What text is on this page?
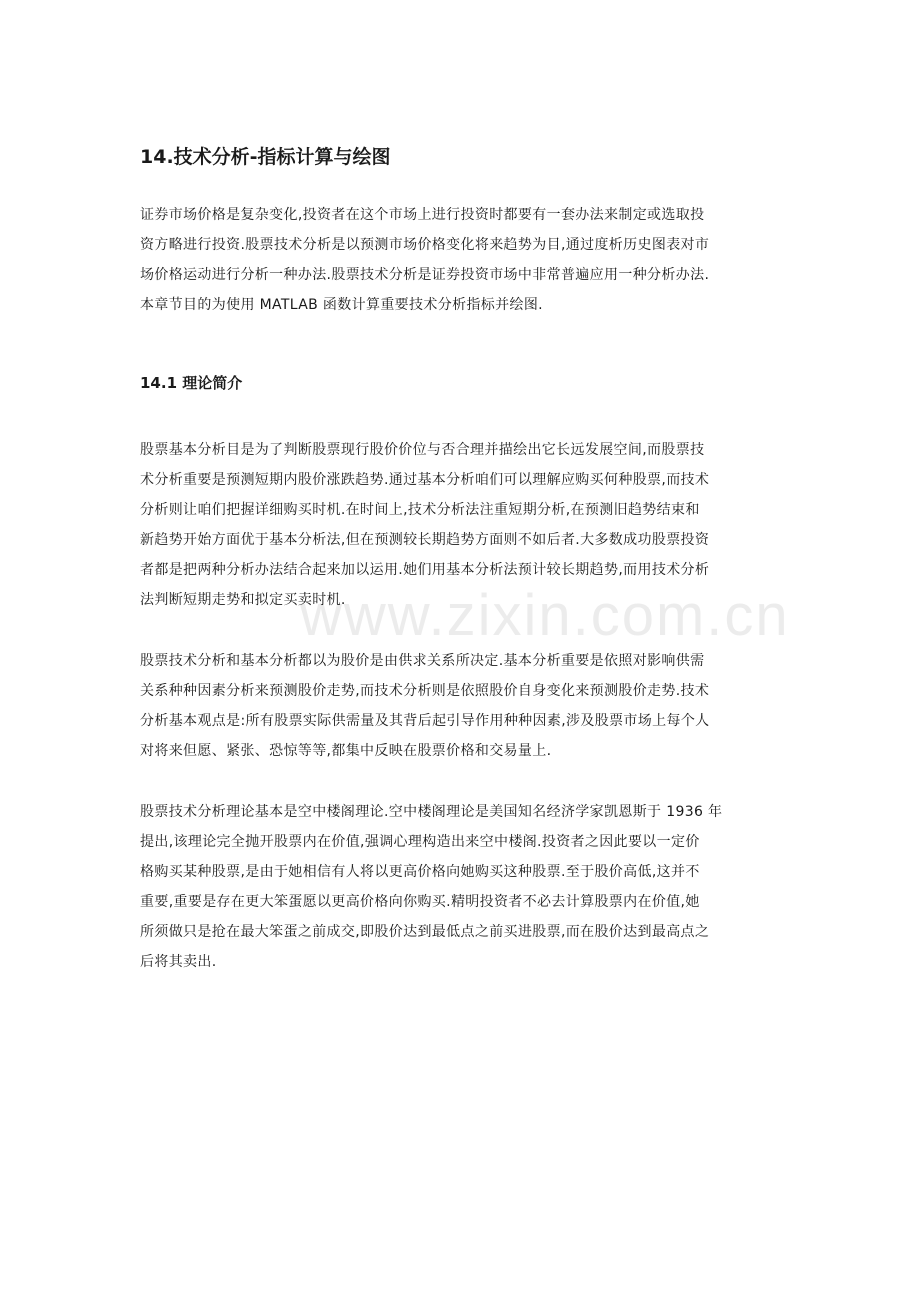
www.zixin.com.cn
14.技术分析-指标计算与绘图
证券市场价格是复杂变化,投资者在这个市场上进行投资时都要有一套办法来制定或选取投
资方略进行投资.股票技术分析是以预测市场价格变化将来趋势为目,通过度析历史图表对市
场价格运动进行分析一种办法.股票技术分析是证券投资市场中非常普遍应用一种分析办法.
本章节目的为使用 MATLAB 函数计算重要技术分析指标并绘图.
14.1 理论简介
股票基本分析目是为了判断股票现行股价价位与否合理并描绘出它长远发展空间,而股票技
术分析重要是预测短期内股价涨跌趋势.通过基本分析咱们可以理解应购买何种股票,而技术
分析则让咱们把握详细购买时机.在时间上,技术分析法注重短期分析,在预测旧趋势结束和
新趋势开始方面优于基本分析法,但在预测较长期趋势方面则不如后者.大多数成功股票投资
者都是把两种分析办法结合起来加以运用.她们用基本分析法预计较长期趋势,而用技术分析
法判断短期走势和拟定买卖时机.
股票技术分析和基本分析都以为股价是由供求关系所决定.基本分析重要是依照对影响供需
关系种种因素分析来预测股价走势,而技术分析则是依照股价自身变化来预测股价走势.技术
分析基本观点是:所有股票实际供需量及其背后起引导作用种种因素,涉及股票市场上每个人
对将来但愿、紧张、恐惊等等,都集中反映在股票价格和交易量上.
股票技术分析理论基本是空中楼阁理论.空中楼阁理论是美国知名经济学家凯恩斯于 1936 年
提出,该理论完全抛开股票内在价值,强调心理构造出来空中楼阁.投资者之因此要以一定价
格购买某种股票,是由于她相信有人将以更高价格向她购买这种股票.至于股价高低,这并不
重要,重要是存在更大笨蛋愿以更高价格向你购买.精明投资者不必去计算股票内在价值,她
所须做只是抢在最大笨蛋之前成交,即股价达到最低点之前买进股票,而在股价达到最高点之
后将其卖出.
